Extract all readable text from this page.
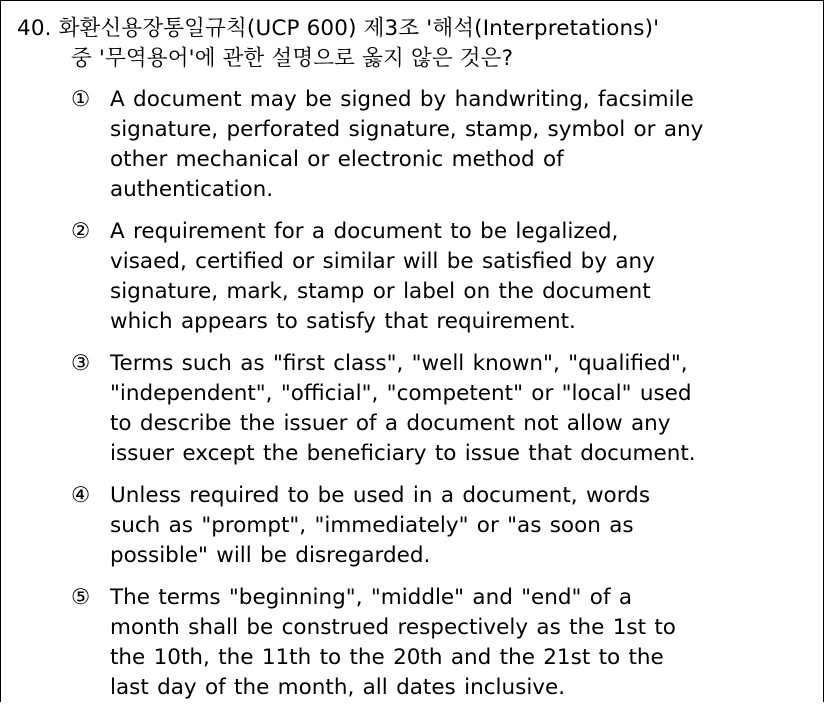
40. 화환신용장통일규칙(UCP 600) 제3조 '해석(Interpretations)'
중 '무역용어'에 관한 설명으로 옳지 않은 것은?
① A document may be signed by handwriting, facsimile
signature, perforated signature, stamp, symbol or any
other mechanical or electronic method of
authentication.
② A requirement for a document to be legalized,
visaed, certified or similar will be satisfied by any
signature, mark, stamp or label on the document
which appears to satisfy that requirement.
③ Terms such as "first class", "well known", "qualified",
"independent", "official", "competent" or "local" used
to describe the issuer of a document not allow any
issuer except the beneficiary to issue that document.
④ Unless required to be used in a document, words
such as "prompt", "immediately" or "as soon as
possible" will be disregarded.
⑤ The terms "beginning", "middle" and "end" of a
month shall be construed respectively as the 1st to
the 10th, the 11th to the 20th and the 21st to the
last day of the month, all dates inclusive.
